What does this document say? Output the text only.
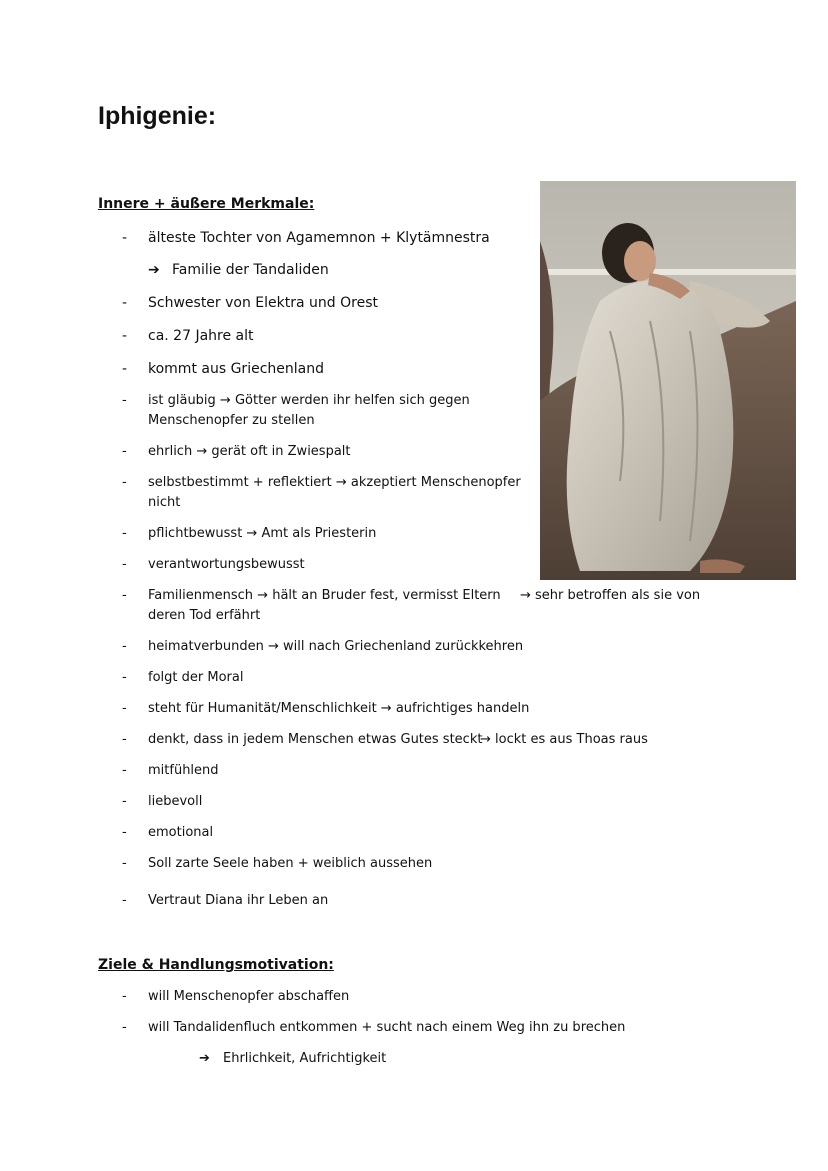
Iphigenie:
Innere + äußere Merkmale:
- älteste Tochter von Agamemnon + Klytämnestra
➔ Familie der Tandaliden
- Schwester von Elektra und Orest
- ca. 27 Jahre alt
- kommt aus Griechenland
- ist gläubig → Götter werden ihr helfen sich gegen
Menschenopfer zu stellen
- ehrlich → gerät oft in Zwiespalt
- selbstbestimmt + reflektiert → akzeptiert Menschenopfer
nicht
- pflichtbewusst → Amt als Priesterin
- verantwortungsbewusst
- Familienmensch → hält an Bruder fest, vermisst Eltern → sehr betroffen als sie von
deren Tod erfährt
- heimatverbunden → will nach Griechenland zurückkehren
- folgt der Moral
- steht für Humanität/Menschlichkeit → aufrichtiges handeln
- denkt, dass in jedem Menschen etwas Gutes steckt
→ lockt es aus Thoas raus
- mitfühlend
- liebevoll
- emotional
- Soll zarte Seele haben + weiblich aussehen
- Vertraut Diana ihr Leben an
Ziele & Handlungsmotivation:
- will Menschenopfer abschaffen
- will Tandalidenfluch entkommen + sucht nach einem Weg ihn zu brechen
➔ Ehrlichkeit, Aufrichtigkeit
